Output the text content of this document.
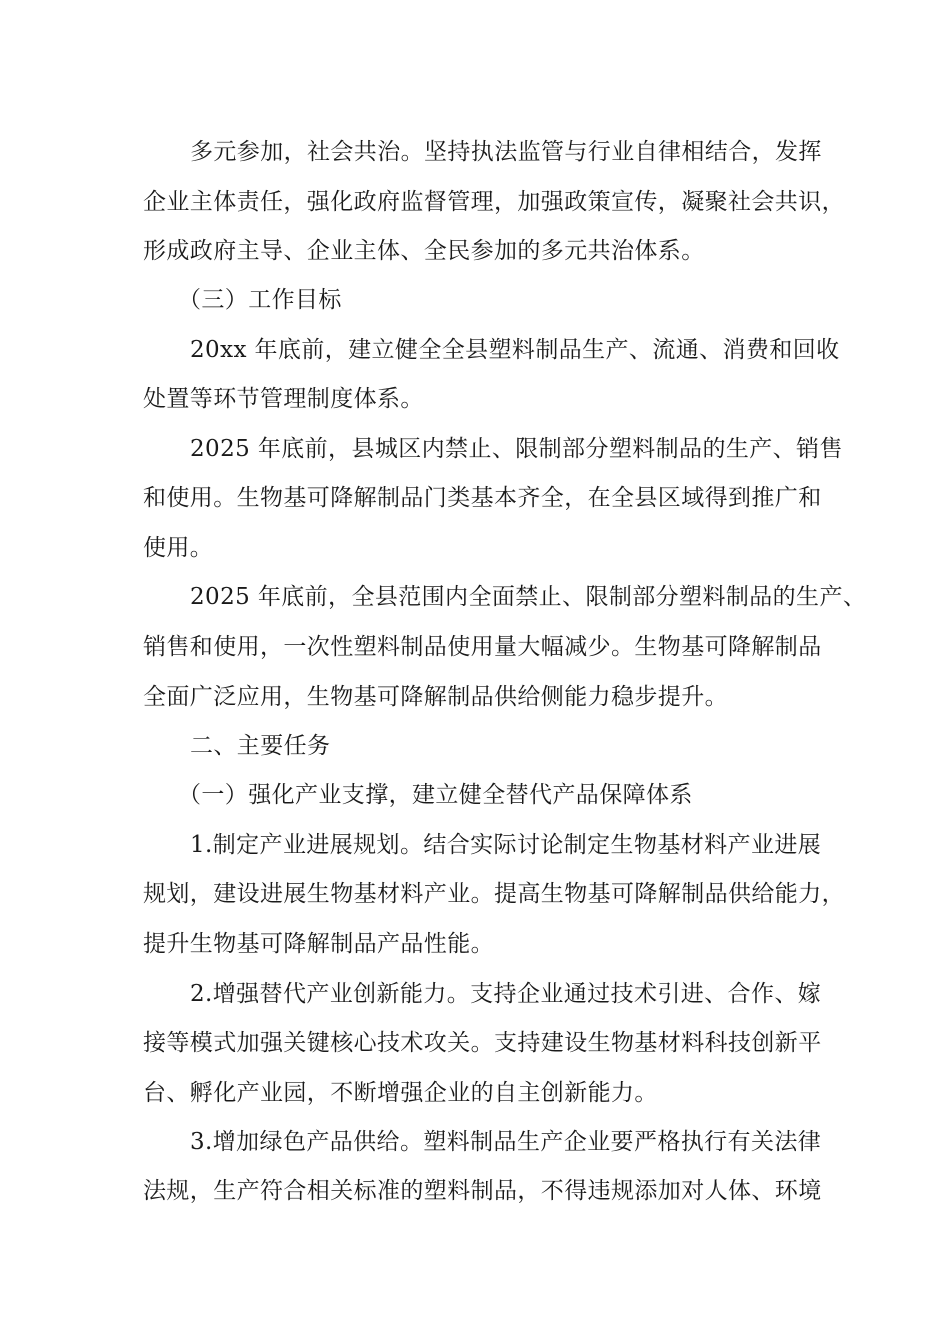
多元参加，社会共治。坚持执法监管与行业自律相结合，发挥
企业主体责任，强化政府监督管理，加强政策宣传，凝聚社会共识，
形成政府主导、企业主体、全民参加的多元共治体系。
（三）工作目标
20xx 年底前，建立健全全县塑料制品生产、流通、消费和回收
处置等环节管理制度体系。
2025 年底前，县城区内禁止、限制部分塑料制品的生产、销售
和使用。生物基可降解制品门类基本齐全，在全县区域得到推广和
使用。
2025 年底前，全县范围内全面禁止、限制部分塑料制品的生产、
销售和使用，一次性塑料制品使用量大幅减少。生物基可降解制品
全面广泛应用，生物基可降解制品供给侧能力稳步提升。
二、主要任务
（一）强化产业支撑，建立健全替代产品保障体系
1.制定产业进展规划。结合实际讨论制定生物基材料产业进展
规划，建设进展生物基材料产业。提高生物基可降解制品供给能力，
提升生物基可降解制品产品性能。
2.增强替代产业创新能力。支持企业通过技术引进、合作、嫁
接等模式加强关键核心技术攻关。支持建设生物基材料科技创新平
台、孵化产业园，不断增强企业的自主创新能力。
3.增加绿色产品供给。塑料制品生产企业要严格执行有关法律
法规，生产符合相关标准的塑料制品，不得违规添加对人体、环境
